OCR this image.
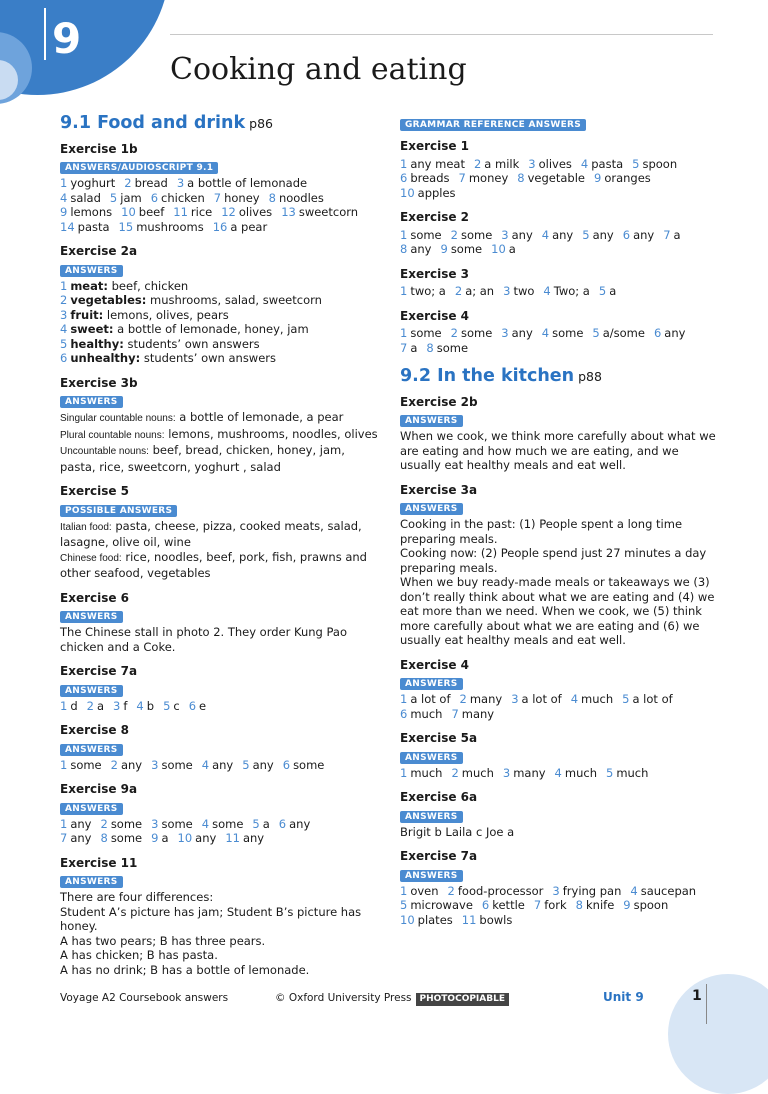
9
Cooking and eating
9.1 Food and drink p86
Exercise 1b
ANSWERS/AUDIOSCRIPT 9.1
1 yoghurt 2 bread 3 a bottle of lemonade
4 salad 5 jam 6 chicken 7 honey 8 noodles
9 lemons 10 beef 11 rice 12 olives 13 sweetcorn
14 pasta 15 mushrooms 16 a pear
Exercise 2a
ANSWERS
1 meat: beef, chicken
2 vegetables: mushrooms, salad, sweetcorn
3 fruit: lemons, olives, pears
4 sweet: a bottle of lemonade, honey, jam
5 healthy: students’ own answers
6 unhealthy: students’ own answers
Exercise 3b
ANSWERS
Singular countable nouns: a bottle of lemonade, a pear
Plural countable nouns: lemons, mushrooms, noodles, olives
Uncountable nouns: beef, bread, chicken, honey, jam, pasta, rice, sweetcorn, yoghurt , salad
Exercise 5
POSSIBLE ANSWERS
Italian food: pasta, cheese, pizza, cooked meats, salad, lasagne, olive oil, wine
Chinese food: rice, noodles, beef, pork, fish, prawns and other seafood, vegetables
Exercise 6
ANSWERS
The Chinese stall in photo 2. They order Kung Pao chicken and a Coke.
Exercise 7a
ANSWERS
1 d 2 a 3 f 4 b 5 c 6 e
Exercise 8
ANSWERS
1 some 2 any 3 some 4 any 5 any 6 some
Exercise 9a
ANSWERS
1 any 2 some 3 some 4 some 5 a 6 any
7 any 8 some 9 a 10 any 11 any
Exercise 11
ANSWERS
There are four differences:
Student A’s picture has jam; Student B’s picture has honey.
A has two pears; B has three pears.
A has chicken; B has pasta.
A has no drink; B has a bottle of lemonade.
GRAMMAR REFERENCE ANSWERS
Exercise 1
1 any meat 2 a milk 3 olives 4 pasta 5 spoon
6 breads 7 money 8 vegetable 9 oranges
10 apples
Exercise 2
1 some 2 some 3 any 4 any 5 any 6 any 7 a
8 any 9 some 10 a
Exercise 3
1 two; a 2 a; an 3 two 4 Two; a 5 a
Exercise 4
1 some 2 some 3 any 4 some 5 a/some 6 any
7 a 8 some
9.2 In the kitchen p88
Exercise 2b
ANSWERS
When we cook, we think more carefully about what we are eating and how much we are eating, and we usually eat healthy meals and eat well.
Exercise 3a
ANSWERS
Cooking in the past: (1) People spent a long time preparing meals.
Cooking now: (2) People spend just 27 minutes a day preparing meals.
When we buy ready-made meals or takeaways we (3) don’t really think about what we are eating and (4) we eat more than we need. When we cook, we (5) think more carefully about what we are eating and (6) we usually eat healthy meals and eat well.
Exercise 4
ANSWERS
1 a lot of 2 many 3 a lot of 4 much 5 a lot of
6 much 7 many
Exercise 5a
ANSWERS
1 much 2 much 3 many 4 much 5 much
Exercise 6a
ANSWERS
Brigit b Laila c Joe a
Exercise 7a
ANSWERS
1 oven 2 food-processor 3 frying pan 4 saucepan
5 microwave 6 kettle 7 fork 8 knife 9 spoon
10 plates 11 bowls
Voyage A2 Coursebook answers	© Oxford University Press PHOTOCOPIABLE	Unit 9	1
